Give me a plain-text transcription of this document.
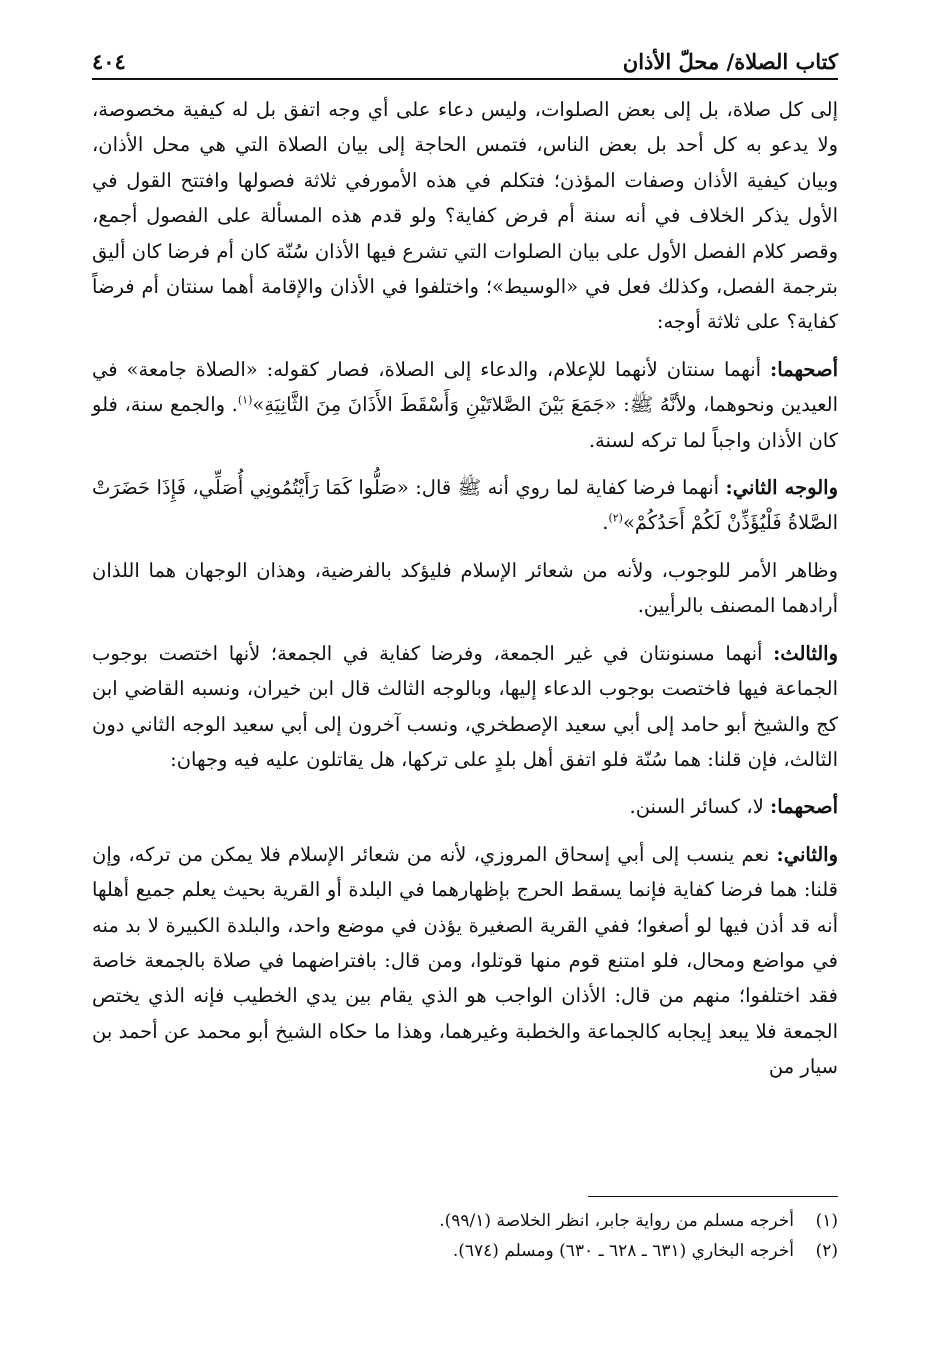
كتاب الصلاة/ محلّ الأذان
٤٠٤

إلى كل صلاة، بل إلى بعض الصلوات، وليس دعاء على أي وجه اتفق بل له كيفية مخصوصة، ولا يدعو به كل أحد بل بعض الناس، فتمس الحاجة إلى بيان الصلاة التي هي محل الأذان، وبيان كيفية الأذان وصفات المؤذن؛ فتكلم في هذه الأمورفي ثلاثة فصولها وافتتح القول في الأول يذكر الخلاف في أنه سنة أم فرض كفاية؟ ولو قدم هذه المسألة على الفصول أجمع، وقصر كلام الفصل الأول على بيان الصلوات التي تشرع فيها الأذان سُنّة كان أم فرضا كان أليق بترجمة الفصل، وكذلك فعل في «الوسيط»؛ واختلفوا في الأذان والإقامة أهما سنتان أم فرضاً كفاية؟ على ثلاثة أوجه:

أصحهما: أنهما سنتان لأنهما للإعلام، والدعاء إلى الصلاة، فصار كقوله: «الصلاة جامعة» في العيدين ونحوهما، ولأنَّهُ ﷺ: «جَمَعَ بَيْنَ الصَّلاتَيْنِ وَأَسْقَطَ الأَذَانَ مِنَ الثَّانِيَةِ»$^{(١)}$. والجمع سنة، فلو كان الأذان واجباً لما تركه لسنة.

والوجه الثاني: أنهما فرضا كفاية لما روي أنه ﷺ قال: «صَلُّوا كَمَا رَأَيْتُمُونِي أُصَلِّي، فَإِذَا حَضَرَتْ الصَّلاةُ فَلْيُؤَذِّنْ لَكُمْ أَحَدُكُمْ»$^{(٢)}$.

وظاهر الأمر للوجوب، ولأنه من شعائر الإسلام فليؤكد بالفرضية، وهذان الوجهان هما اللذان أرادهما المصنف بالرأيين.

والثالث: أنهما مسنونتان في غير الجمعة، وفرضا كفاية في الجمعة؛ لأنها اختصت بوجوب الجماعة فيها فاختصت بوجوب الدعاء إليها، وبالوجه الثالث قال ابن خيران، ونسبه القاضي ابن كج والشيخ أبو حامد إلى أبي سعيد الإصطخري، ونسب آخرون إلى أبي سعيد الوجه الثاني دون الثالث، فإن قلنا: هما سُنّة فلو اتفق أهل بلدٍ على تركها، هل يقاتلون عليه فيه وجهان:

أصحهما: لا، كسائر السنن.

والثاني: نعم ينسب إلى أبي إسحاق المروزي، لأنه من شعائر الإسلام فلا يمكن من تركه، وإن قلنا: هما فرضا كفاية فإنما يسقط الحرج بإظهارهما في البلدة أو القرية بحيث يعلم جميع أهلها أنه قد أذن فيها لو أصغوا؛ ففي القرية الصغيرة يؤذن في موضع واحد، والبلدة الكبيرة لا بد منه في مواضع ومحال، فلو امتنع قوم منها قوتلوا، ومن قال: بافتراضهما في صلاة بالجمعة خاصة فقد اختلفوا؛ منهم من قال: الأذان الواجب هو الذي يقام بين يدي الخطيب فإنه الذي يختص الجمعة فلا يبعد إيجابه كالجماعة والخطبة وغيرهما، وهذا ما حكاه الشيخ أبو محمد عن أحمد بن سيار من

(١)
أخرجه مسلم من رواية جابر، انظر الخلاصة (٩٩/١).
(٢)
أخرجه البخاري (٦٣١ ـ ٦٢٨ ـ ٦٣٠) ومسلم (٦٧٤).
